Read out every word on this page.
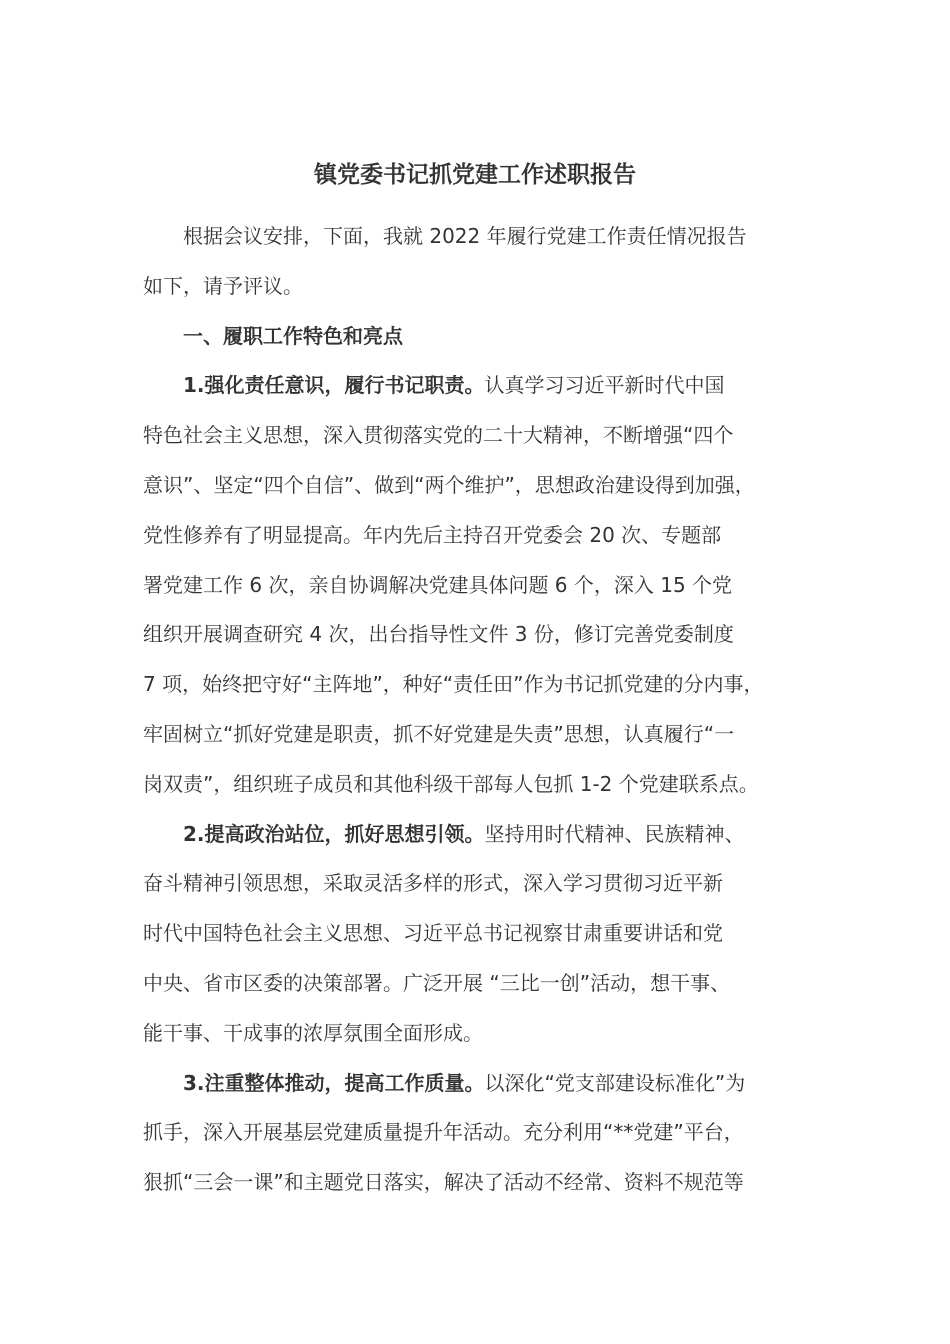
镇党委书记抓党建工作述职报告

根据会议安排，下面，我就 2022 年履行党建工作责任情况报告

如下，请予评议。

一、履职工作特色和亮点

1.强化责任意识，履行书记职责。认真学习习近平新时代中国

特色社会主义思想，深入贯彻落实党的二十大精神，不断增强“四个

意识”、坚定“四个自信”、做到“两个维护”，思想政治建设得到加强，

党性修养有了明显提高。年内先后主持召开党委会 20 次、专题部

署党建工作 6 次，亲自协调解决党建具体问题 6 个，深入 15 个党

组织开展调查研究 4 次，出台指导性文件 3 份，修订完善党委制度

7 项，始终把守好“主阵地”，种好“责任田”作为书记抓党建的分内事，

牢固树立“抓好党建是职责，抓不好党建是失责”思想，认真履行“一

岗双责”，组织班子成员和其他科级干部每人包抓 1-2 个党建联系点。

2.提高政治站位，抓好思想引领。坚持用时代精神、民族精神、

奋斗精神引领思想，采取灵活多样的形式，深入学习贯彻习近平新

时代中国特色社会主义思想、习近平总书记视察甘肃重要讲话和党

中央、省市区委的决策部署。广泛开展 “三比一创”活动，想干事、

能干事、干成事的浓厚氛围全面形成。

3.注重整体推动，提高工作质量。以深化“党支部建设标准化”为

抓手，深入开展基层党建质量提升年活动。充分利用“**党建”平台，

狠抓“三会一课”和主题党日落实，解决了活动不经常、资料不规范等
